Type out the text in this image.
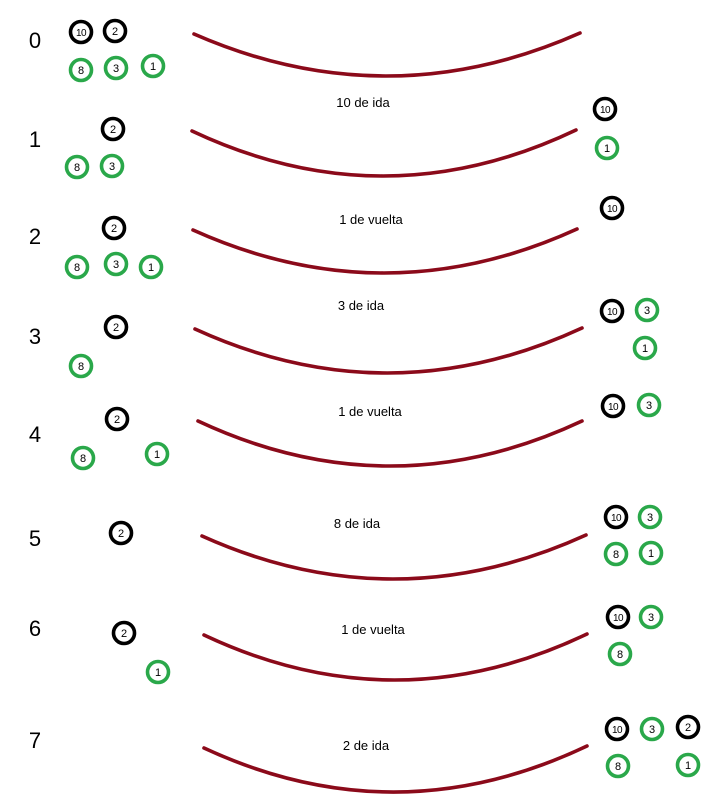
0	10 2
8	3	1
1
10 de ida
2
8	3
10
1
2
1 de vuelta
2
8	3	1
10
3
3 de ida
2
8
10 3
1
4
1 de vuelta
2
8	1
10	3
5
8 de ida
2
10 3
8	1
6	1 de vuelta
2
1
10 3
8
7	2 de ida
10 3	2
8	1
